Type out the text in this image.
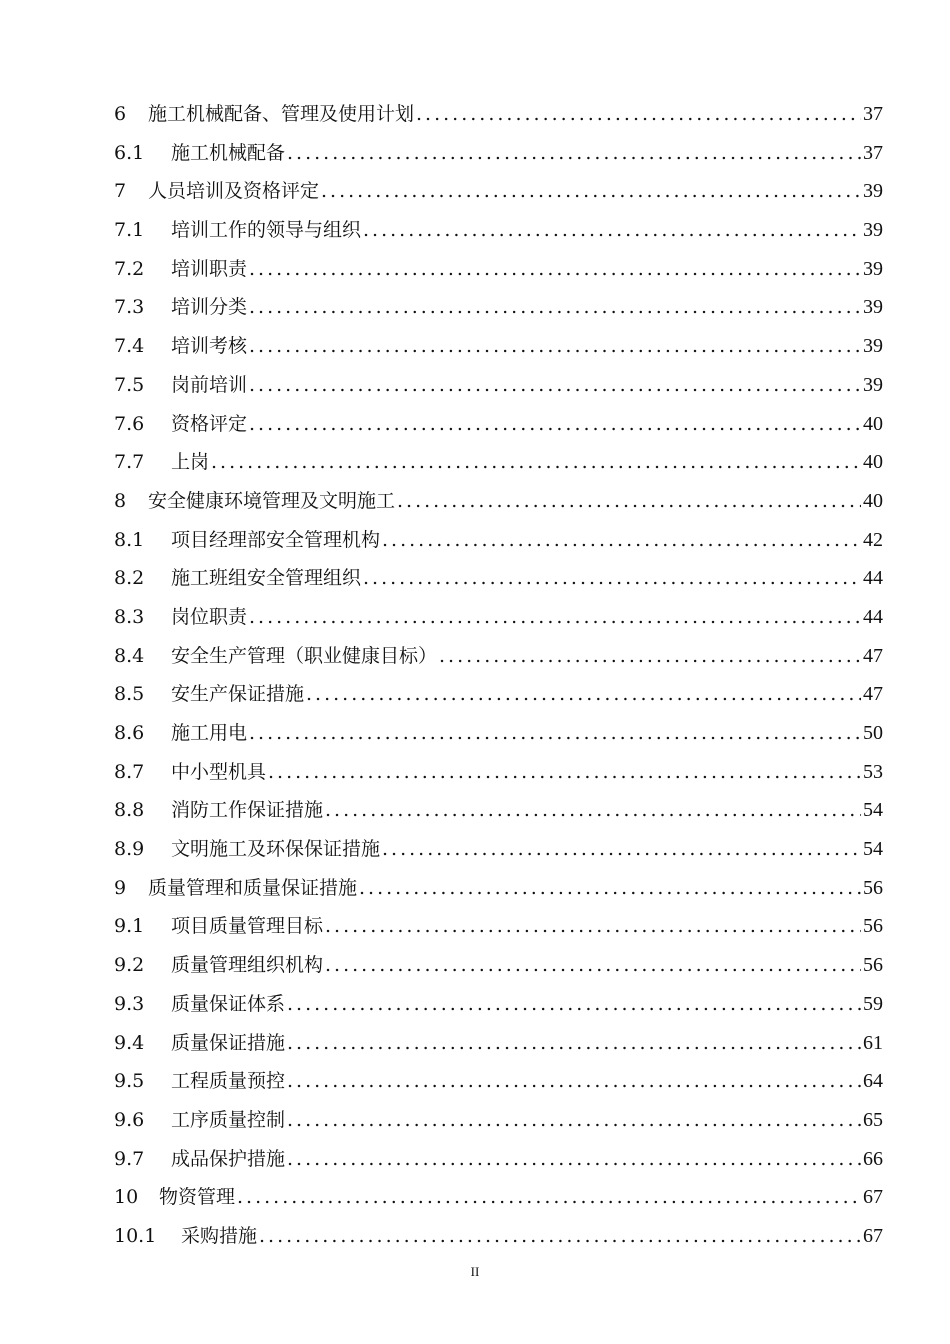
6	施工机械配备、管理及使用计划 .....	37
6.1	施工机械配备 .....	37
7	人员培训及资格评定 .....	39
7.1	培训工作的领导与组织 .....	39
7.2	培训职责 .....	39
7.3	培训分类 .....	39
7.4	培训考核 .....	39
7.5	岗前培训 .....	39
7.6	资格评定 .....	40
7.7	上岗 .....	40
8	安全健康环境管理及文明施工 .....	40
8.1	项目经理部安全管理机构 .....	42
8.2	施工班组安全管理组织 .....	44
8.3	岗位职责 .....	44
8.4	安全生产管理（职业健康目标） .....	47
8.5	安生产保证措施 .....	47
8.6	施工用电 .....	50
8.7	中小型机具 .....	53
8.8	消防工作保证措施 .....	54
8.9	文明施工及环保保证措施 .....	54
9	质量管理和质量保证措施 .....	56
9.1	项目质量管理目标 .....	56
9.2	质量管理组织机构 .....	56
9.3	质量保证体系 .....	59
9.4	质量保证措施 .....	61
9.5	工程质量预控 .....	64
9.6	工序质量控制 .....	65
9.7	成品保护措施 .....	66
10	物资管理 .....	67
10.1	采购措施 .....	67
II
